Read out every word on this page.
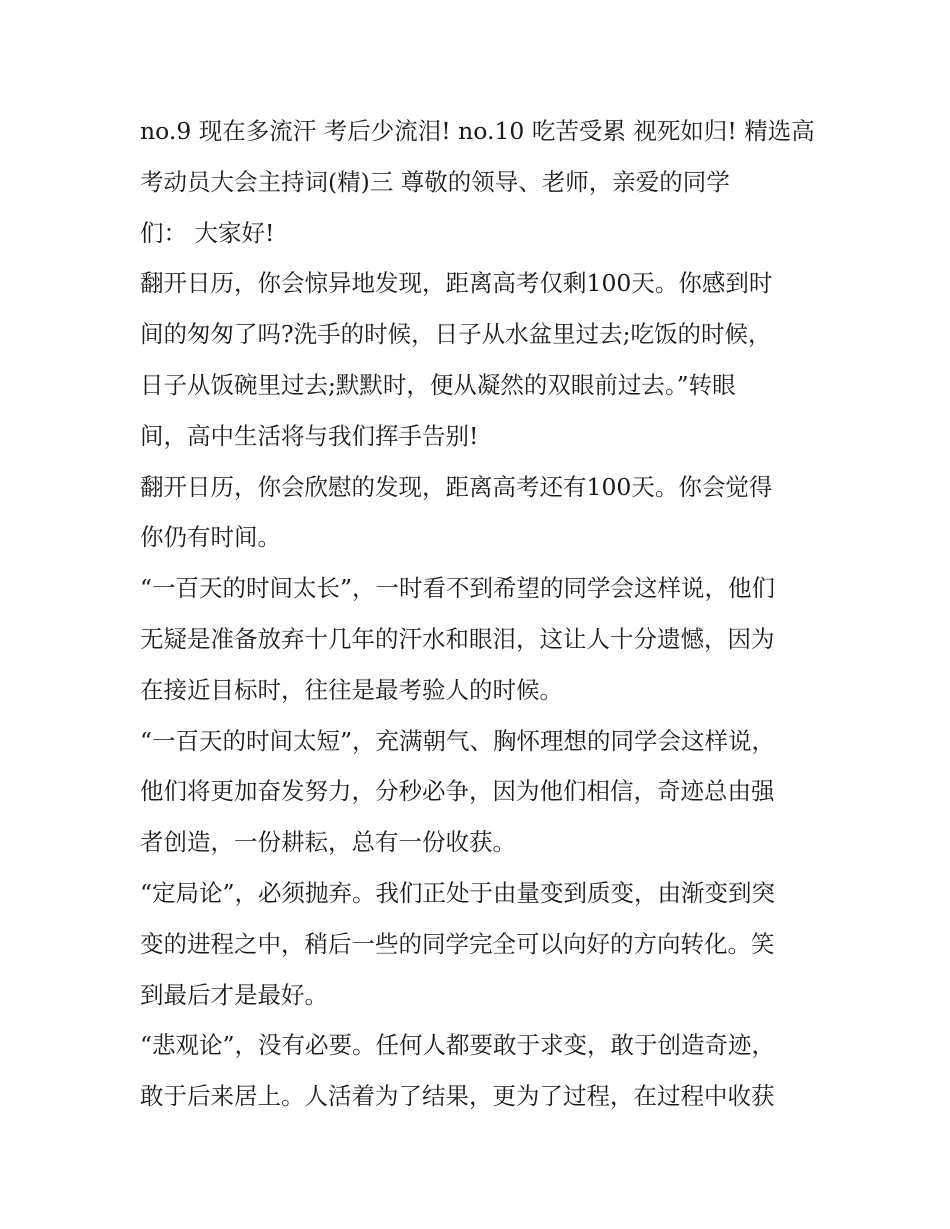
no.9 现在多流汗 考后少流泪! no.10 吃苦受累 视死如归! 精选高
考动员大会主持词(精)三 尊敬的领导、老师，亲爱的同学
们： 大家好!
翻开日历，你会惊异地发现，距离高考仅剩100天。你感到时
间的匆匆了吗?洗手的时候，日子从水盆里过去;吃饭的时候，
日子从饭碗里过去;默默时，便从凝然的双眼前过去。”转眼
间，高中生活将与我们挥手告别!
翻开日历，你会欣慰的发现，距离高考还有100天。你会觉得
你仍有时间。
“一百天的时间太长”，一时看不到希望的同学会这样说，他们
无疑是准备放弃十几年的汗水和眼泪，这让人十分遗憾，因为
在接近目标时，往往是最考验人的时候。
“一百天的时间太短”，充满朝气、胸怀理想的同学会这样说，
他们将更加奋发努力，分秒必争，因为他们相信，奇迹总由强
者创造，一份耕耘，总有一份收获。
“定局论”，必须抛弃。我们正处于由量变到质变，由渐变到突
变的进程之中，稍后一些的同学完全可以向好的方向转化。笑
到最后才是最好。
“悲观论”，没有必要。任何人都要敢于求变，敢于创造奇迹，
敢于后来居上。人活着为了结果，更为了过程，在过程中收获
